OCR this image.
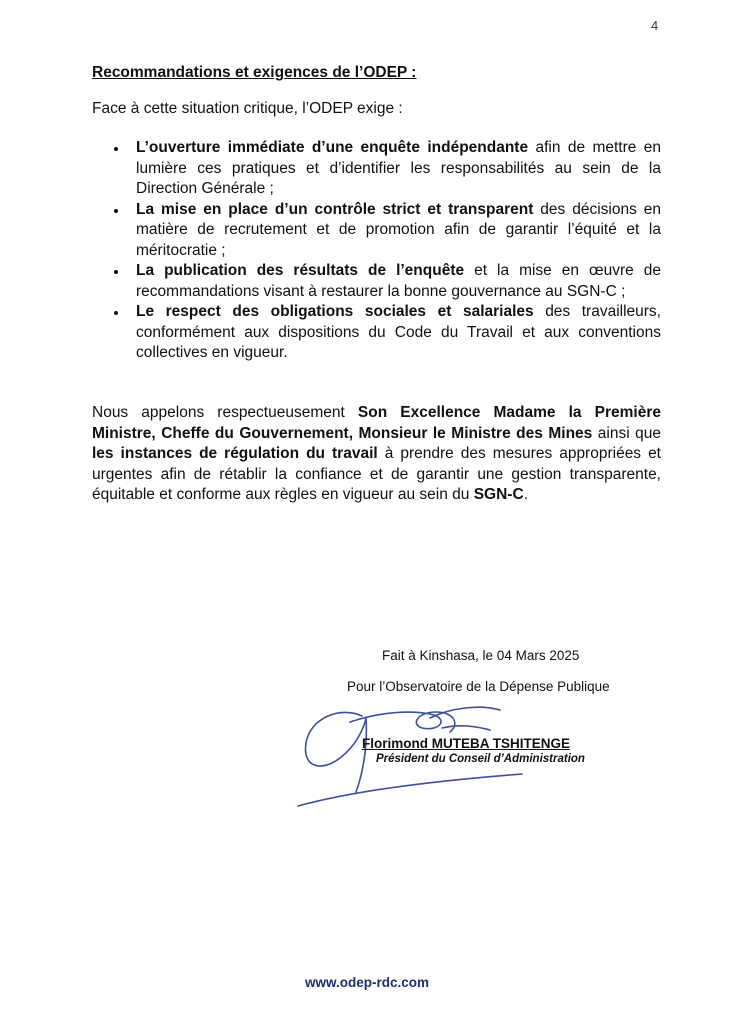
4
Recommandations et exigences de l’ODEP :
Face à cette situation critique, l’ODEP exige :
L’ouverture immédiate d’une enquête indépendante afin de mettre en lumière ces pratiques et d’identifier les responsabilités au sein de la Direction Générale ;
La mise en place d’un contrôle strict et transparent des décisions en matière de recrutement et de promotion afin de garantir l’équité et la méritocratie ;
La publication des résultats de l’enquête et la mise en œuvre de recommandations visant à restaurer la bonne gouvernance au SGN-C ;
Le respect des obligations sociales et salariales des travailleurs, conformément aux dispositions du Code du Travail et aux conventions collectives en vigueur.

Nous appelons respectueusement Son Excellence Madame la Première Ministre, Cheffe du Gouvernement, Monsieur le Ministre des Mines ainsi que les instances de régulation du travail à prendre des mesures appropriées et urgentes afin de rétablir la confiance et de garantir une gestion transparente, équitable et conforme aux règles en vigueur au sein du SGN-C.

Fait à Kinshasa, le 04 Mars 2025
Pour l’Observatoire de la Dépense Publique
Florimond MUTEBA TSHITENGE
Président du Conseil d’Administration
www.odep-rdc.com
